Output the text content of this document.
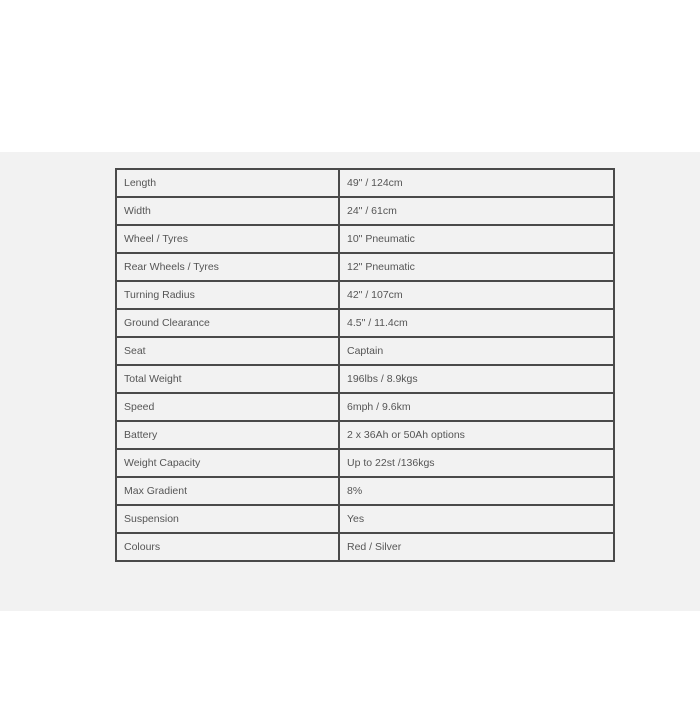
Length	49" / 124cm
Width	24" / 61cm
Wheel / Tyres	10" Pneumatic
Rear Wheels / Tyres	12" Pneumatic
Turning Radius	42" / 107cm
Ground Clearance	4.5" / 11.4cm
Seat	Captain
Total Weight	196lbs / 8.9kgs
Speed	6mph / 9.6km
Battery	2 x 36Ah or 50Ah options
Weight Capacity	Up to 22st /136kgs
Max Gradient	8%
Suspension	Yes
Colours	Red / Silver
